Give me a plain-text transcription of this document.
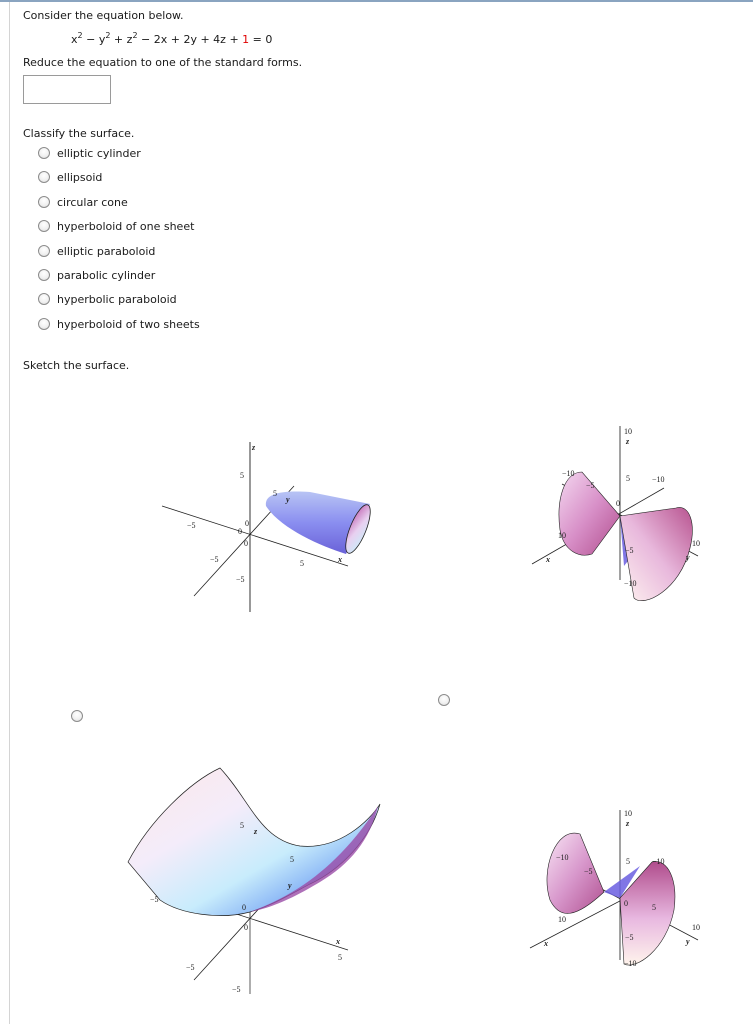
Consider the equation below.
$x^2 - y^2 + z^2 - 2x + 2y + 4z + 1 = 0$
Reduce the equation to one of the standard forms.
Classify the surface.
elliptic cylinder
ellipsoid
circular cone
hyperboloid of one sheet
elliptic paraboloid
parabolic cylinder
hyperbolic paraboloid
hyperboloid of two sheets
Sketch the surface.
z
5
−5
−5
5	x
5
y
−5
0
0
0
10
z
5
−5
−10
−10
−5
10
x
−10
10
y
0
5
z
−5
−5
x
5
5
y
−5
0
0
10
z
5
−5
−10
−10
−5
10
x
−10
5
10
y
0
